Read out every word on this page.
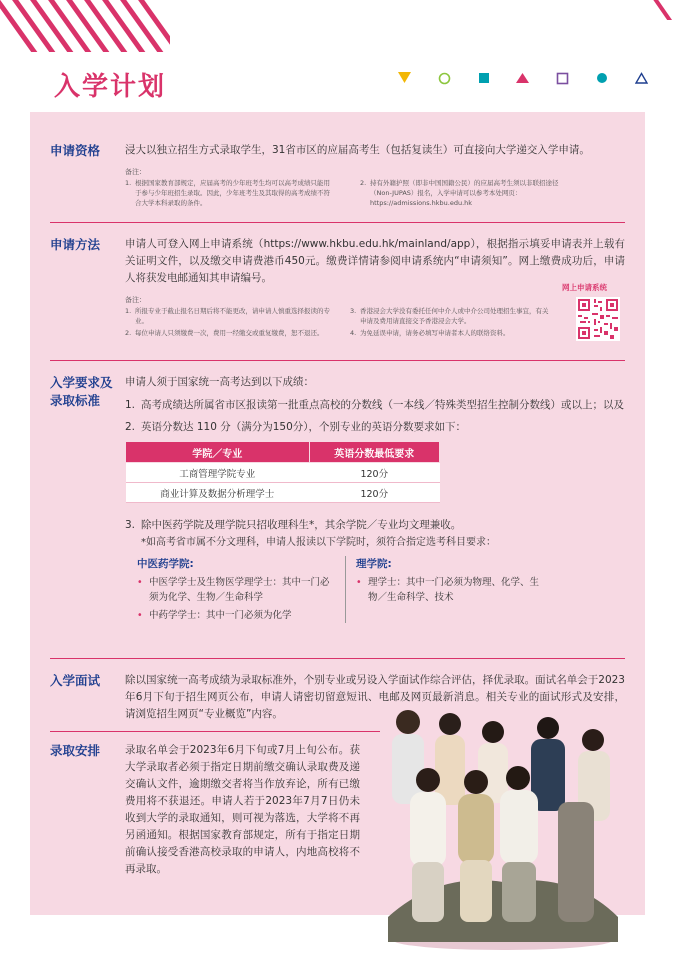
入学计划
申请资格	浸大以独立招生方式录取学生，31省市区的应届高考生（包括复读生）可直接向大学递交入学申请。

备注：
1. 根据国家教育部规定，应届高考的少年班考生均可以高考成绩只能用于参与少年班招生录取。因此，少年班考生及其取得的高考成绩不符合大学本科录取的条件。
2. 持有外籍护照（即非中国国籍公民）的应届高考生须以非联招途径（Non-JUPAS）报名，入学申请可以参考本处网页：https://admissions.hkbu.edu.hk
申请方法	申请人可登入网上申请系统（https://www.hkbu.edu.hk/mainland/app），根据指示填妥申请表并上载有关证明文件，以及缴交申请费港币450元。缴费详情请参阅申请系统内“申请须知”。网上缴费成功后，申请人将获发电邮通知其申请编号。

备注：
1. 所报专业于截止报名日期后将不能更改，请申请人慎重选择报读的专业。
2. 每位申请人只须缴费一次，费用一经缴交或重复缴费，恕不退还。
3. 香港浸会大学没有委托任何中介人或中介公司处理招生事宜，有关申请及费用请直接交予香港浸会大学。
4. 为免延误申请，请务必填写申请者本人的联络资料。
网上申请系统
入学要求及
录取标准

申请人须于国家统一高考达到以下成绩：

1. 高考成绩达所属省市区报读第一批重点高校的分数线（一本线／特殊类型招生控制分数线）或以上；以及
2. 英语分数达 110 分（满分为150分），个别专业的英语分数要求如下：
学院／专业	英语分数最低要求
工商管理学院专业	120分
商业计算及数据分析理学士	120分
3. 除中医药学院及理学院只招收理科生*，其余学院／专业均文理兼收。
*如高考省市属不分文理科，申请人报读以下学院时，须符合指定选考科目要求：
中医药学院:
• 中医学学士及生物医学理学士：其中一门必须为化学、生物／生命科学
• 中药学学士：其中一门必须为化学
理学院:
• 理学士：其中一门必须为物理、化学、生物／生命科学、技术
入学面试	除以国家统一高考成绩为录取标准外，个别专业或另设入学面试作综合评估，择优录取。面试名单会于2023年6月下旬于招生网页公布，申请人请密切留意短讯、电邮及网页最新消息。相关专业的面试形式及安排，请浏览招生网页“专业概览”内容。

录取安排	录取名单会于2023年6月下旬或7月上旬公布。获大学录取者必须于指定日期前缴交确认录取费及递交确认文件，逾期缴交者将当作放弃论，所有已缴费用将不获退还。申请人若于2023年7月7日仍未收到大学的录取通知，则可视为落选，大学将不再另函通知。根据国家教育部规定，所有于指定日期前确认接受香港高校录取的申请人，内地高校将不再录取。
